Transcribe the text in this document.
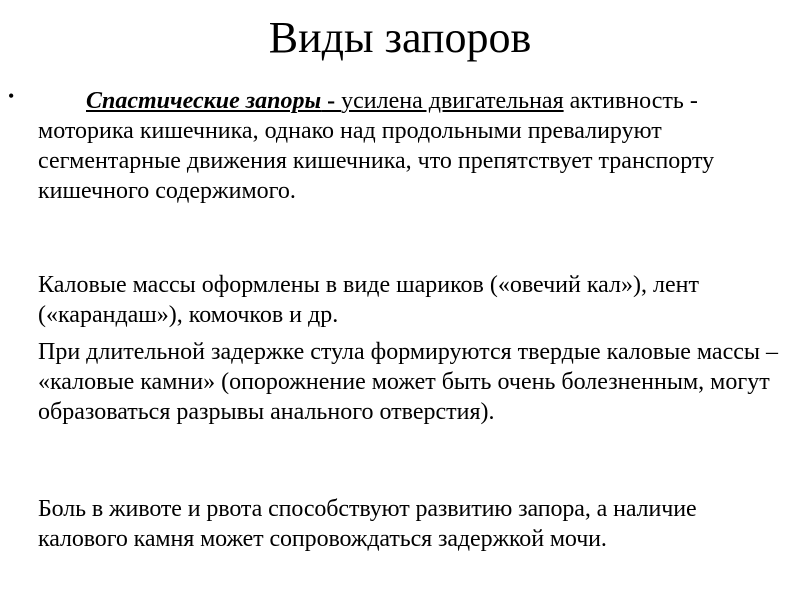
Виды запоров
•	Спастические запоры - усилена двигательная активность - моторика кишечника, однако над продольными превалируют сегментарные движения кишечника, что препятствует транспорту кишечного содержимого.

Каловые массы оформлены в виде шариков («овечий кал»), лент («карандаш»), комочков и др.

При длительной задержке стула формируются твердые каловые массы – «каловые камни» (опорожнение может быть очень болезненным, могут образоваться разрывы анального отверстия).

Боль в животе и рвота способствуют развитию запора, а наличие калового камня может сопровождаться задержкой мочи.
